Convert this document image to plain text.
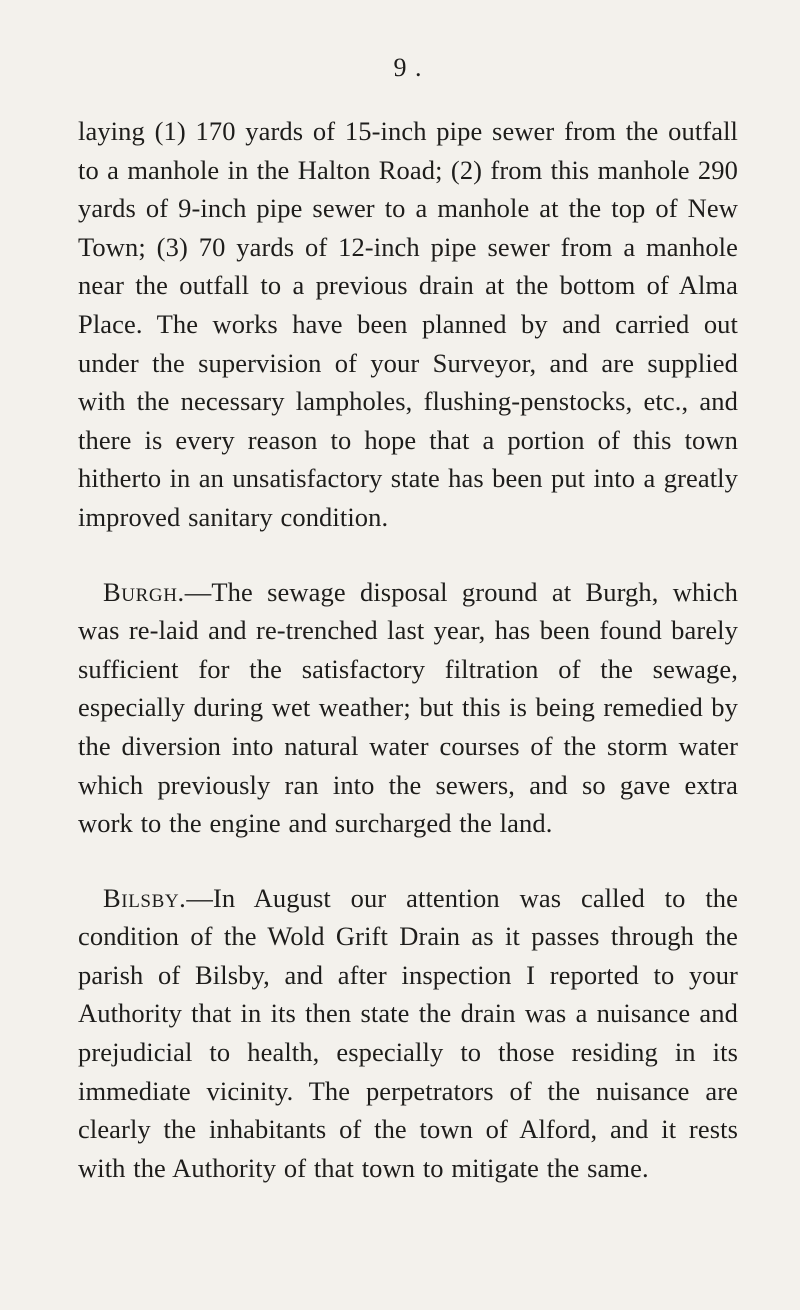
9 .

laying (1) 170 yards of 15-inch pipe sewer from the outfall to a manhole in the Halton Road; (2) from this manhole 290 yards of 9-inch pipe sewer to a manhole at the top of New Town; (3) 70 yards of 12-inch pipe sewer from a manhole near the outfall to a previous drain at the bottom of Alma Place. The works have been planned by and carried out under the supervision of your Surveyor, and are supplied with the necessary lampholes, flushing-penstocks, etc., and there is every reason to hope that a portion of this town hitherto in an unsatisfactory state has been put into a greatly improved sanitary condition.

Burgh.—The sewage disposal ground at Burgh, which was re-laid and re-trenched last year, has been found barely sufficient for the satisfactory filtration of the sewage, especially during wet weather; but this is being remedied by the diversion into natural water courses of the storm water which previously ran into the sewers, and so gave extra work to the engine and surcharged the land.

Bilsby.—In August our attention was called to the condition of the Wold Grift Drain as it passes through the parish of Bilsby, and after inspection I reported to your Authority that in its then state the drain was a nuisance and prejudicial to health, especially to those residing in its immediate vicinity. The perpetrators of the nuisance are clearly the inhabitants of the town of Alford, and it rests with the Authority of that town to mitigate the same.
